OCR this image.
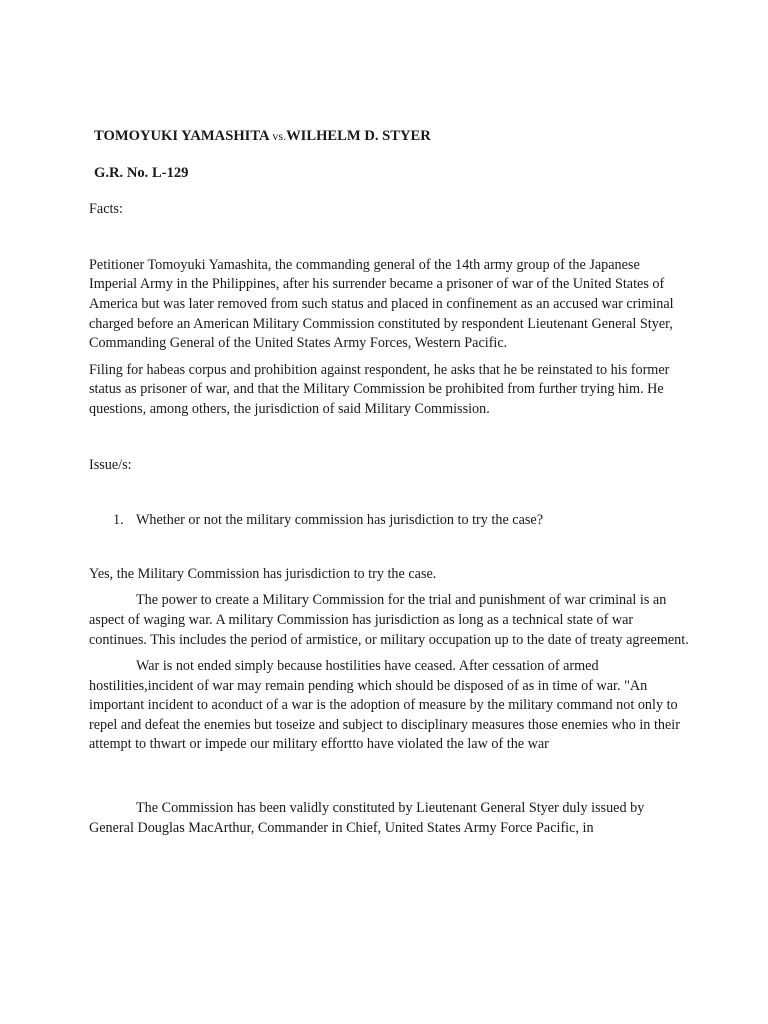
TOMOYUKI YAMASHITA vs.WILHELM D. STYER
G.R. No. L-129

Facts:

Petitioner Tomoyuki Yamashita, the commanding general of the 14th army group of the Japanese Imperial Army in the Philippines, after his surrender became a prisoner of war of the United States of America but was later removed from such status and placed in confinement as an accused war criminal charged before an American Military Commission constituted by respondent Lieutenant General Styer, Commanding General of the United States Army Forces, Western Pacific.

Filing for habeas corpus and prohibition against respondent, he asks that he be reinstated to his former status as prisoner of war, and that the Military Commission be prohibited from further trying him. He questions, among others, the jurisdiction of said Military Commission.

Issue/s:

1. Whether or not the military commission has jurisdiction to try the case?

Yes, the Military Commission has jurisdiction to try the case.

The power to create a Military Commission for the trial and punishment of war criminal is an aspect of waging war. A military Commission has jurisdiction as long as a technical state of war continues. This includes the period of armistice, or military occupation up to the date of treaty agreement.

War is not ended simply because hostilities have ceased. After cessation of armed hostilities,incident of war may remain pending which should be disposed of as in time of war. "An important incident to aconduct of a war is the adoption of measure by the military command not only to repel and defeat the enemies but toseize and subject to disciplinary measures those enemies who in their attempt to thwart or impede our military effortto have violated the law of the war

The Commission has been validly constituted by Lieutenant General Styer duly issued by General Douglas MacArthur, Commander in Chief, United States Army Force Pacific, in
